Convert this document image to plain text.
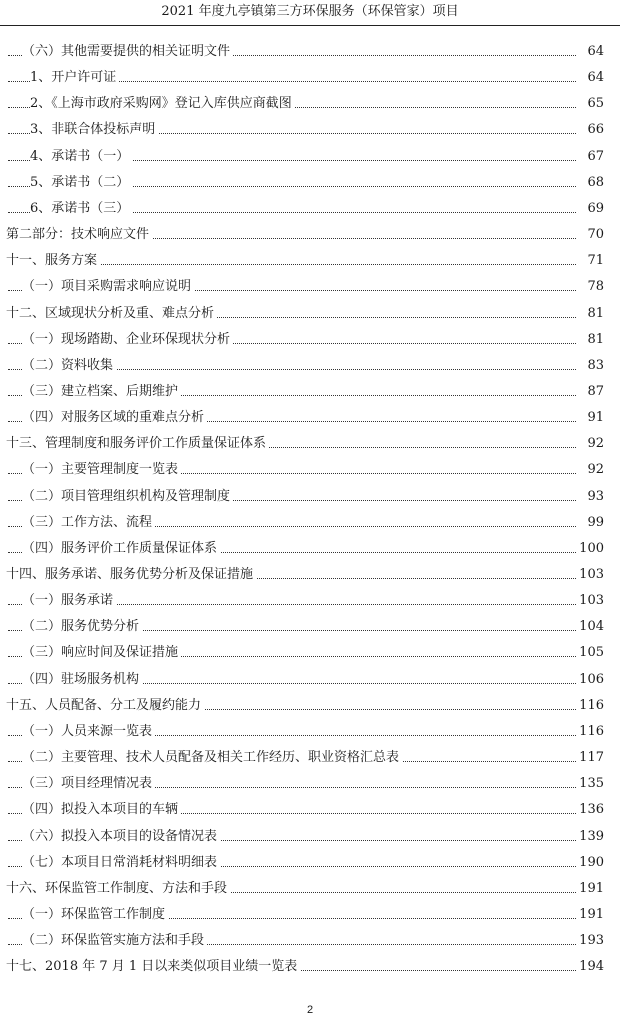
2021 年度九亭镇第三方环保服务（环保管家）项目
（六）其他需要提供的相关证明文件	64
1、开户许可证	64
2、《上海市政府采购网》登记入库供应商截图	65
3、非联合体投标声明	66
4、承诺书（一）	67
5、承诺书（二）	68
6、承诺书（三）	69
第二部分：技术响应文件	70
十一、服务方案	71
（一）项目采购需求响应说明	78
十二、区域现状分析及重、难点分析	81
（一）现场踏勘、企业环保现状分析	81
（二）资料收集	83
（三）建立档案、后期维护	87
（四）对服务区域的重难点分析	91
十三、管理制度和服务评价工作质量保证体系	92
（一）主要管理制度一览表	92
（二）项目管理组织机构及管理制度	93
（三）工作方法、流程	99
（四）服务评价工作质量保证体系	100
十四、服务承诺、服务优势分析及保证措施	103
（一）服务承诺	103
（二）服务优势分析	104
（三）响应时间及保证措施	105
（四）驻场服务机构	106
十五、人员配备、分工及履约能力	116
（一）人员来源一览表	116
（二）主要管理、技术人员配备及相关工作经历、职业资格汇总表	117
（三）项目经理情况表	135
（四）拟投入本项目的车辆	136
（六）拟投入本项目的设备情况表	139
（七）本项目日常消耗材料明细表	190
十六、环保监管工作制度、方法和手段	191
（一）环保监管工作制度	191
（二）环保监管实施方法和手段	193
十七、2018 年 7 月 1 日以来类似项目业绩一览表	194
2
